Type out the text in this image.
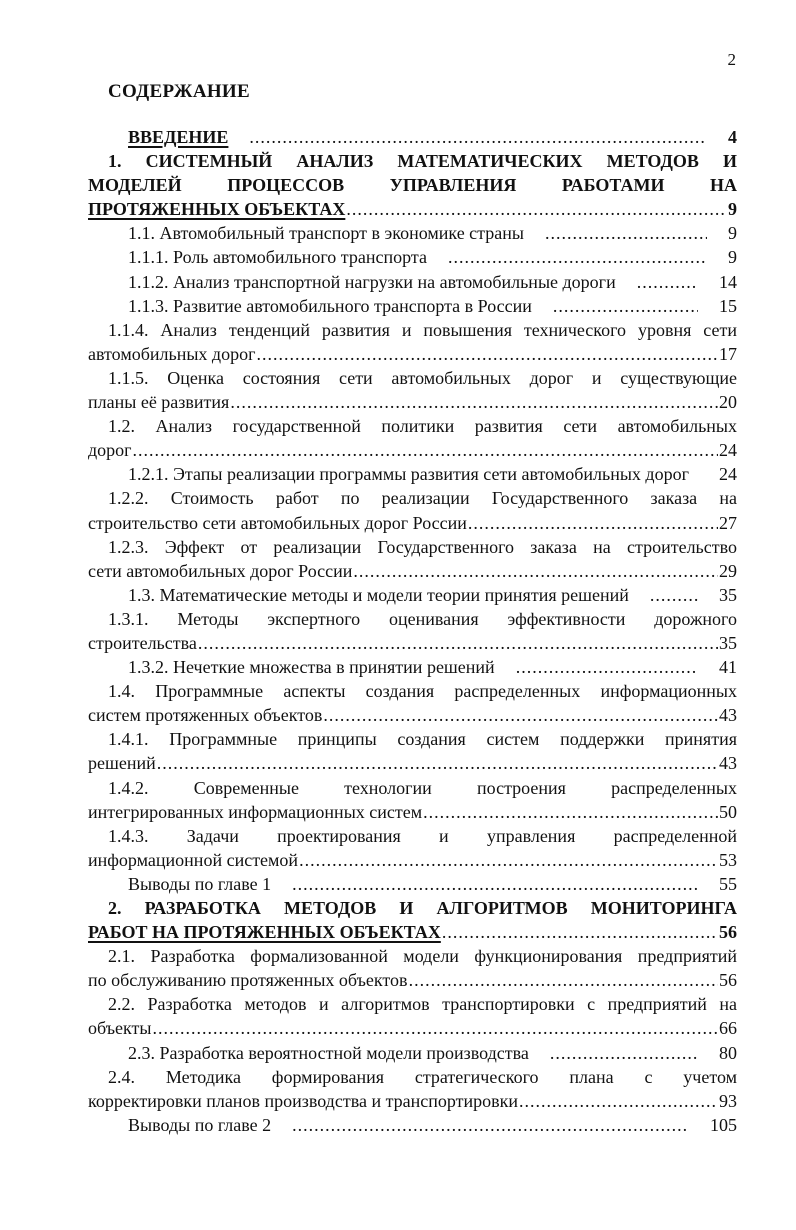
2
СОДЕРЖАНИЕ
ВВЕДЕНИЕ .....	4
1. СИСТЕМНЫЙ АНАЛИЗ МАТЕМАТИЧЕСКИХ МЕТОДОВ И МОДЕЛЕЙ ПРОЦЕССОВ УПРАВЛЕНИЯ РАБОТАМИ НА
ПРОТЯЖЕННЫХ ОБЪЕКТАХ .....	9
1.1. Автомобильный транспорт в экономике страны .....	9
1.1.1. Роль автомобильного транспорта .....	9
1.1.2. Анализ транспортной нагрузки на автомобильные дороги .....	14
1.1.3. Развитие автомобильного транспорта в России .....	15
1.1.4. Анализ тенденций развития и повышения технического уровня сети
автомобильных дорог .....	17
1.1.5. Оценка состояния сети автомобильных дорог и существующие
планы её развития .....	20
1.2. Анализ государственной политики развития сети автомобильных
дорог .....	24
1.2.1. Этапы реализации программы развития сети автомобильных дорог .....	24
1.2.2. Стоимость работ по реализации Государственного заказа на
строительство сети автомобильных дорог России .....	27
1.2.3. Эффект от реализации Государственного заказа на строительство
сети автомобильных дорог России .....	29
1.3. Математические методы и модели теории принятия решений .....	35
1.3.1. Методы экспертного оценивания эффективности дорожного
строительства .....	35
1.3.2. Нечеткие множества в принятии решений .....	41
1.4. Программные аспекты создания распределенных информационных
систем протяженных объектов .....	43
1.4.1. Программные принципы создания систем поддержки принятия
решений .....	43
1.4.2. Современные технологии построения распределенных
интегрированных информационных систем .....	50
1.4.3. Задачи проектирования и управления распределенной
информационной системой .....	53
Выводы по главе 1 .....	55
2. РАЗРАБОТКА МЕТОДОВ И АЛГОРИТМОВ МОНИТОРИНГА
РАБОТ НА ПРОТЯЖЕННЫХ ОБЪЕКТАХ .....	56
2.1. Разработка формализованной модели функционирования предприятий
по обслуживанию протяженных объектов .....	56
2.2. Разработка методов и алгоритмов транспортировки с предприятий на
объекты .....	66
2.3. Разработка вероятностной модели производства .....	80
2.4. Методика формирования стратегического плана с учетом
корректировки планов производства и транспортировки .....	93
Выводы по главе 2 .....	105
